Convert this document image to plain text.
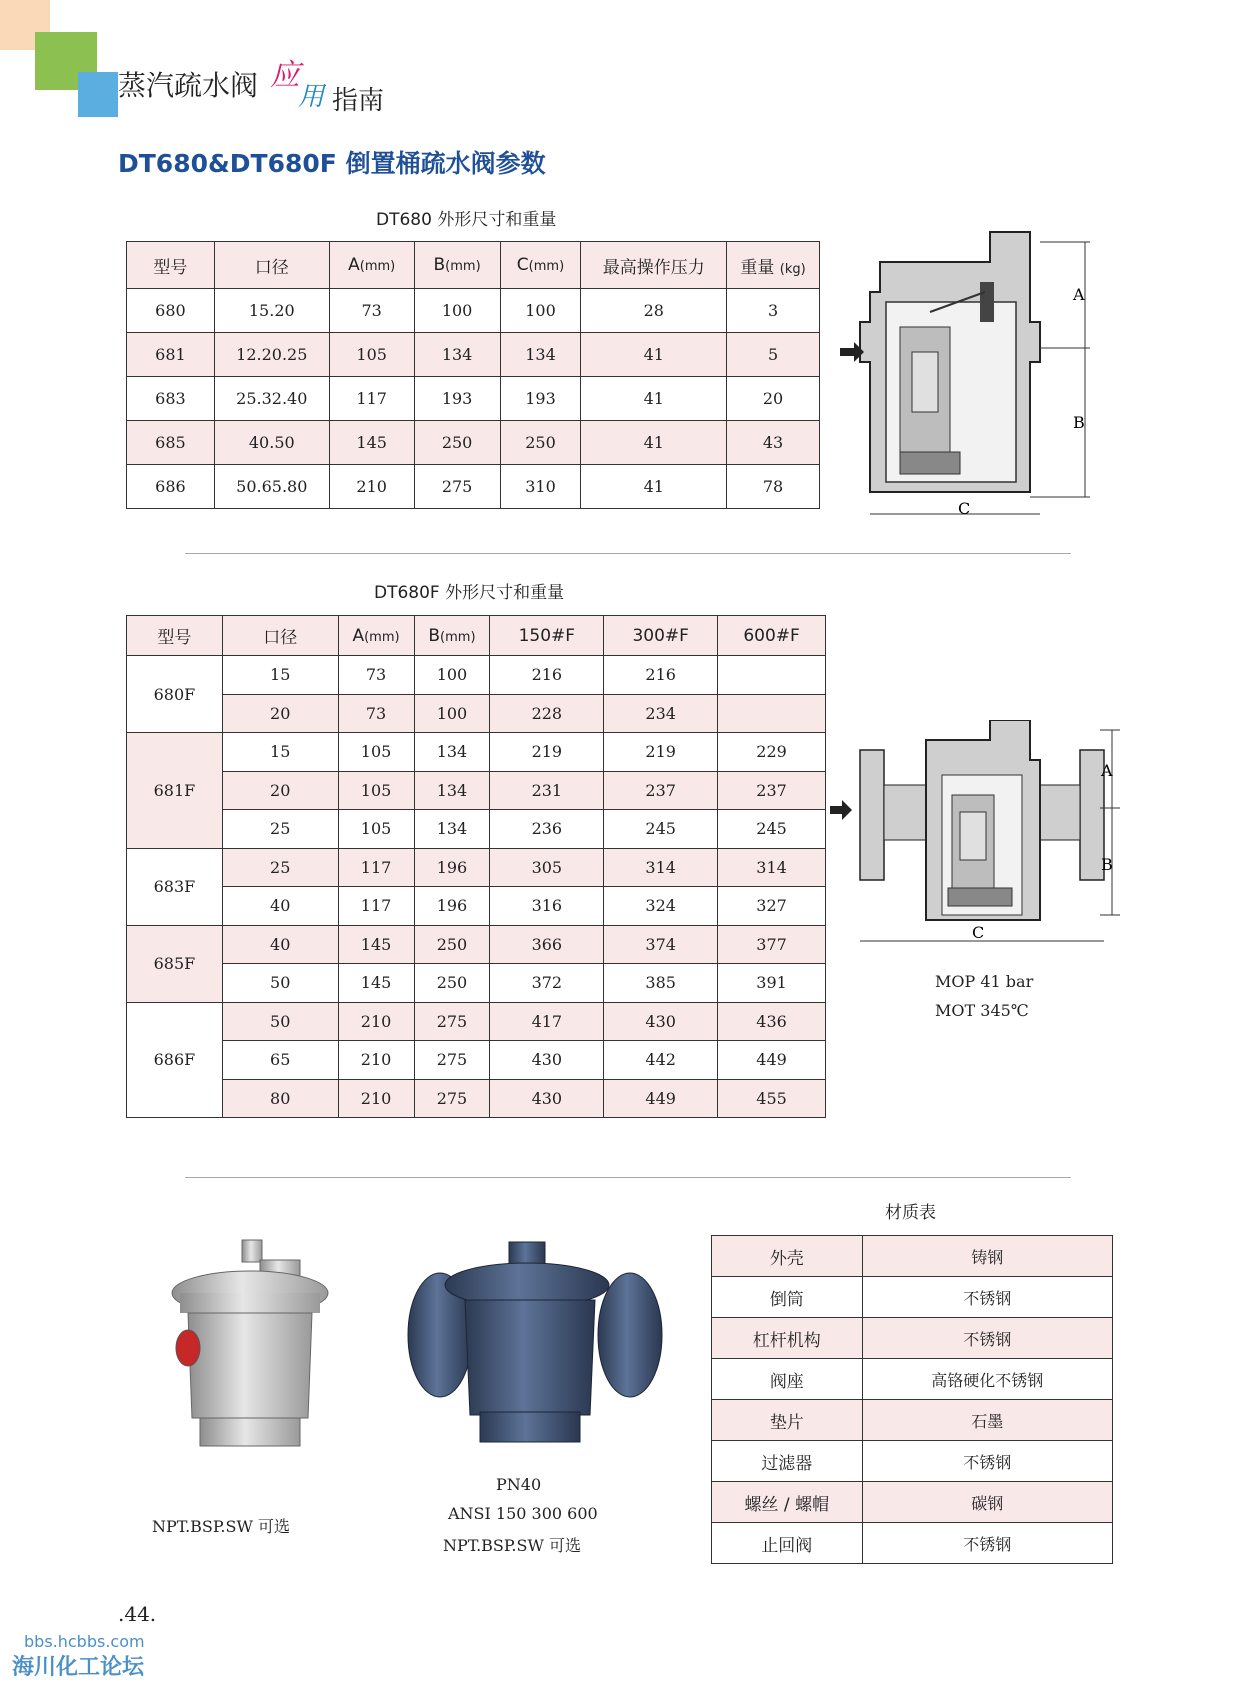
蒸汽疏水阀 应
用 指南
DT680&DT680F 倒置桶疏水阀参数
DT680 外形尺寸和重量
型号	口径	A(mm)	B(mm)	C(mm)	最高操作压力	重量 (kg)
680	15.20	73	100	100	28	3
681	12.20.25	105	134	134	41	5
683	25.32.40	117	193	193	41	20
685	40.50	145	250	250	41	43
686	50.65.80	210	275	310	41	78
A
B
C
DT680F 外形尺寸和重量
型号	口径	A(mm)	B(mm)	150#F	300#F	600#F
680F	15	73	100	216	216	
	20	73	100	228	234	
681F	15	105	134	219	219	229
	20	105	134	231	237	237
	25	105	134	236	245	245
683F	25	117	196	305	314	314
	40	117	196	316	324	327
685F	40	145	250	366	374	377
	50	145	250	372	385	391
686F	50	210	275	417	430	436
	65	210	275	430	442	449
	80	210	275	430	449	455
A
B
C
MOP 41 bar
MOT 345℃
材质表
外壳	铸钢
倒筒	不锈钢
杠杆机构	不锈钢
阀座	高铬硬化不锈钢
垫片	石墨
过滤器	不锈钢
螺丝 / 螺帽	碳钢
止回阀	不锈钢
NPT.BSP.SW 可选
PN40
ANSI 150 300 600
NPT.BSP.SW 可选
.44.
bbs.hcbbs.com
海川化工论坛
